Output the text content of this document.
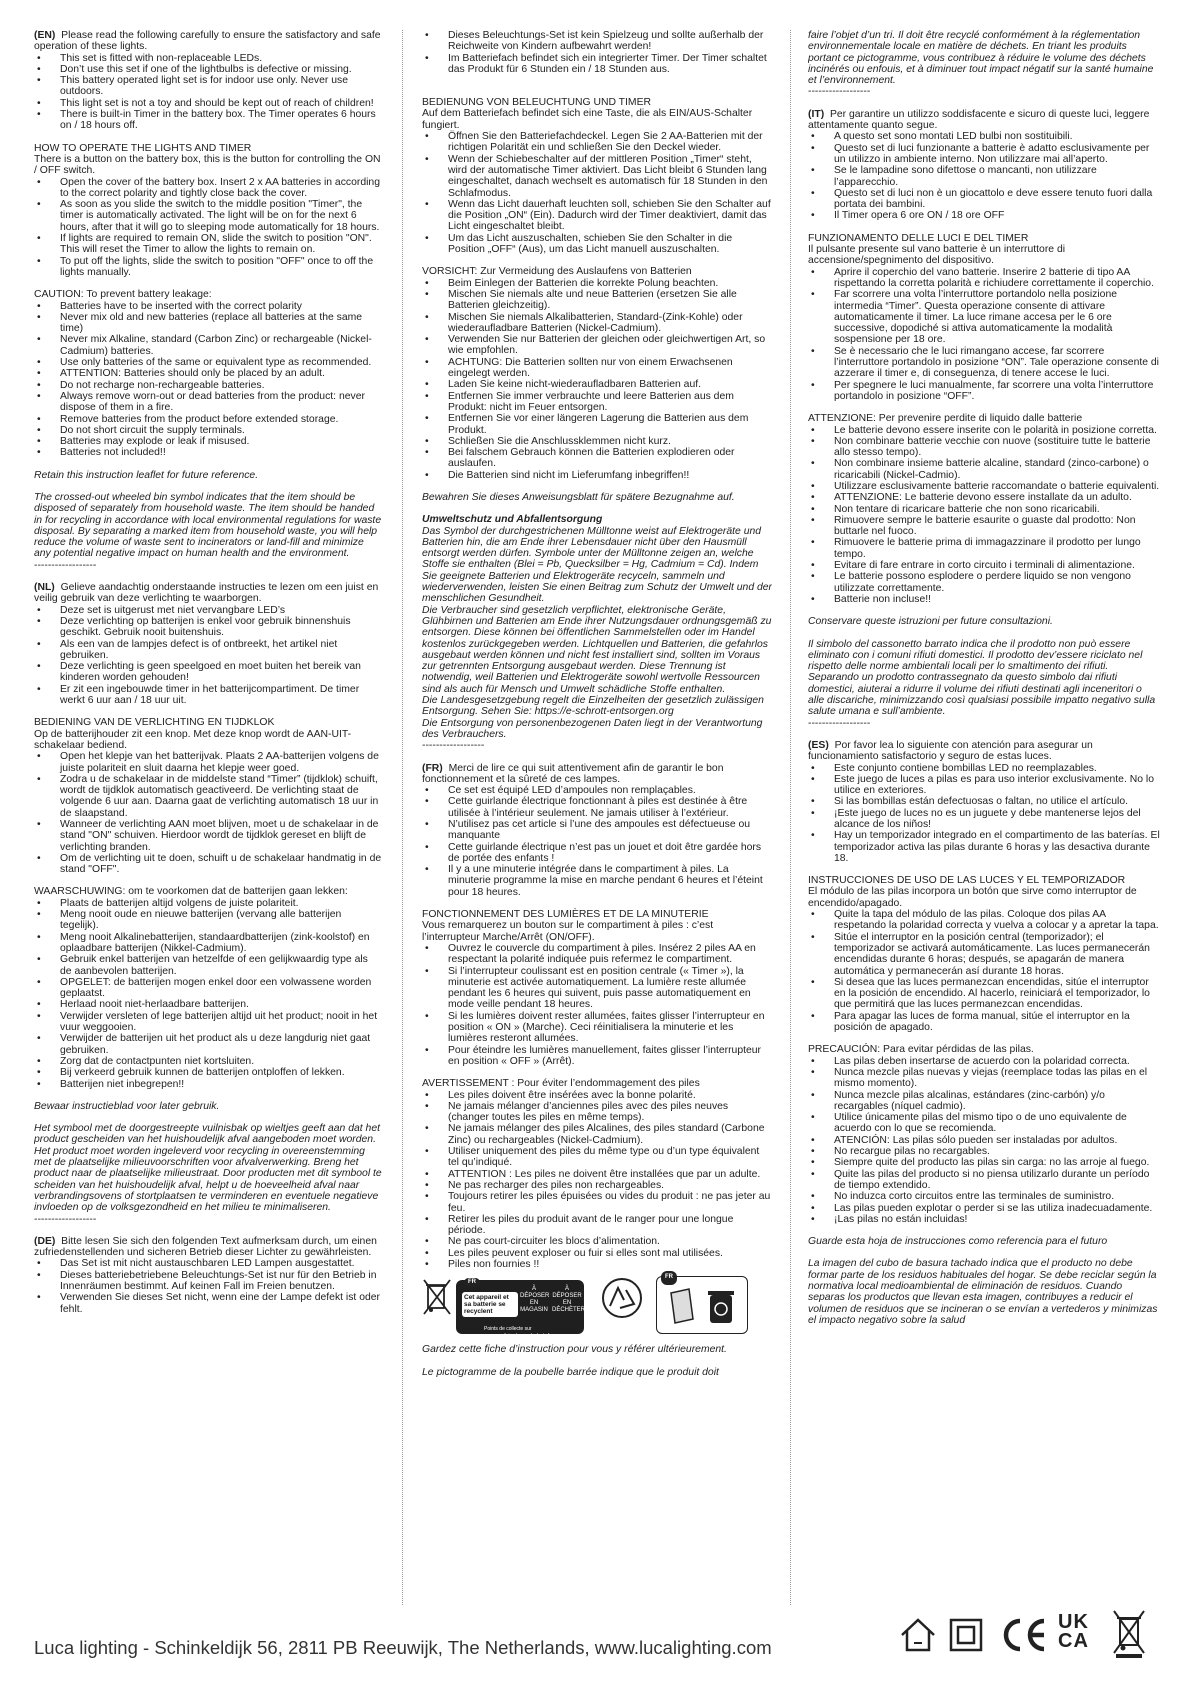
(EN) Please read the following carefully to ensure the satisfactory and safe operation of these lights.

• This set is fitted with non-replaceable LEDs.
• Don’t use this set if one of the lightbulbs is defective or missing.
• This battery operated light set is for indoor use only. Never use outdoors.
• This light set is not a toy and should be kept out of reach of children!
• There is built-in Timer in the battery box. The Timer operates 6 hours on / 18 hours off.

HOW TO OPERATE THE LIGHTS AND TIMER

There is a button on the battery box, this is the button for controlling the ON / OFF switch.

• Open the cover of the battery box. Insert 2 x AA batteries in according to the correct polarity and tightly close back the cover.
• As soon as you slide the switch to the middle position "Timer", the timer is automatically activated. The light will be on for the next 6 hours, after that it will go to sleeping mode automatically for 18 hours.
• If lights are required to remain ON, slide the switch to position "ON". This will reset the Timer to allow the lights to remain on.
• To put off the lights, slide the switch to position "OFF" once to off the lights manually.

CAUTION: To prevent battery leakage:

• Batteries have to be inserted with the correct polarity
• Never mix old and new batteries (replace all batteries at the same time)
• Never mix Alkaline, standard (Carbon Zinc) or rechargeable (Nickel-Cadmium) batteries.
• Use only batteries of the same or equivalent type as recommended.
• ATTENTION: Batteries should only be placed by an adult.
• Do not recharge non-rechargeable batteries.
• Always remove worn-out or dead batteries from the product: never dispose of them in a fire.
• Remove batteries from the product before extended storage.
• Do not short circuit the supply terminals.
• Batteries may explode or leak if misused.
• Batteries not included!!

Retain this instruction leaflet for future reference.

The crossed-out wheeled bin symbol indicates that the item should be disposed of separately from household waste. The item should be handed in for recycling in accordance with local environmental regulations for waste disposal. By separating a marked item from household waste, you will help reduce the volume of waste sent to incinerators or land-fill and minimize any potential negative impact on human health and the environment.

------------------

(NL) Gelieve aandachtig onderstaande instructies te lezen om een juist en veilig gebruik van deze verlichting te waarborgen.

• Deze set is uitgerust met niet vervangbare LED’s
• Deze verlichting op batterijen is enkel voor gebruik binnenshuis geschikt. Gebruik nooit buitenshuis.
• Als een van de lampjes defect is of ontbreekt, het artikel niet gebruiken.
• Deze verlichting is geen speelgoed en moet buiten het bereik van kinderen worden gehouden!
• Er zit een ingebouwde timer in het batterijcompartiment. De timer werkt 6 uur aan / 18 uur uit.

BEDIENING VAN DE VERLICHTING EN TIJDKLOK

Op de batterijhouder zit een knop. Met deze knop wordt de AAN-UIT-schakelaar bediend.

• Open het klepje van het batterijvak. Plaats 2 AA-batterijen volgens de juiste polariteit en sluit daarna het klepje weer goed.
• Zodra u de schakelaar in de middelste stand “Timer” (tijdklok) schuift, wordt de tijdklok automatisch geactiveerd. De verlichting staat de volgende 6 uur aan. Daarna gaat de verlichting automatisch 18 uur in de slaapstand.
• Wanneer de verlichting AAN moet blijven, moet u de schakelaar in de stand "ON" schuiven. Hierdoor wordt de tijdklok gereset en blijft de verlichting branden.
• Om de verlichting uit te doen, schuift u de schakelaar handmatig in de stand "OFF".

WAARSCHUWING: om te voorkomen dat de batterijen gaan lekken:

• Plaats de batterijen altijd volgens de juiste polariteit.
• Meng nooit oude en nieuwe batterijen (vervang alle batterijen tegelijk).
• Meng nooit Alkalinebatterijen, standaardbatterijen (zink-koolstof) en oplaadbare batterijen (Nikkel-Cadmium).
• Gebruik enkel batterijen van hetzelfde of een gelijkwaardig type als de aanbevolen batterijen.
• OPGELET: de batterijen mogen enkel door een volwassene worden geplaatst.
• Herlaad nooit niet-herlaadbare batterijen.
• Verwijder versleten of lege batterijen altijd uit het product; nooit in het vuur weggooien.
• Verwijder de batterijen uit het product als u deze langdurig niet gaat gebruiken.
• Zorg dat de contactpunten niet kortsluiten.
• Bij verkeerd gebruik kunnen de batterijen ontploffen of lekken.
• Batterijen niet inbegrepen!!

Bewaar instructieblad voor later gebruik.

Het symbool met de doorgestreepte vuilnisbak op wieltjes geeft aan dat het product gescheiden van het huishoudelijk afval aangeboden moet worden. Het product moet worden ingeleverd voor recycling in overeenstemming met de plaatselijke milieuvoorschriften voor afvalverwerking. Breng het product naar de plaatselijke milieustraat. Door producten met dit symbool te scheiden van het huishoudelijk afval, helpt u de hoeveelheid afval naar verbrandingsovens of stortplaatsen te verminderen en eventuele negatieve invloeden op de volksgezondheid en het milieu te minimaliseren.

------------------

(DE) Bitte lesen Sie sich den folgenden Text aufmerksam durch, um einen zufriedenstellenden und sicheren Betrieb dieser Lichter zu gewährleisten.

• Das Set ist mit nicht austauschbaren LED Lampen ausgestattet.
• Dieses batteriebetriebene Beleuchtungs-Set ist nur für den Betrieb in Innenräumen bestimmt. Auf keinen Fall im Freien benutzen.
• Verwenden Sie dieses Set nicht, wenn eine der Lampe defekt ist oder fehlt.
• Dieses Beleuchtungs-Set ist kein Spielzeug und sollte außerhalb der Reichweite von Kindern aufbewahrt werden!
• Im Batteriefach befindet sich ein integrierter Timer. Der Timer schaltet das Produkt für 6 Stunden ein / 18 Stunden aus.

BEDIENUNG VON BELEUCHTUNG UND TIMER

Auf dem Batteriefach befindet sich eine Taste, die als EIN/AUS-Schalter fungiert.

• Öffnen Sie den Batteriefachdeckel. Legen Sie 2 AA-Batterien mit der richtigen Polarität ein und schließen Sie den Deckel wieder.
• Wenn der Schiebeschalter auf der mittleren Position „Timer“ steht, wird der automatische Timer aktiviert. Das Licht bleibt 6 Stunden lang eingeschaltet, danach wechselt es automatisch für 18 Stunden in den Schlafmodus.
• Wenn das Licht dauerhaft leuchten soll, schieben Sie den Schalter auf die Position „ON“ (Ein). Dadurch wird der Timer deaktiviert, damit das Licht eingeschaltet bleibt.
• Um das Licht auszuschalten, schieben Sie den Schalter in die Position „OFF“ (Aus), um das Licht manuell auszuschalten.

VORSICHT: Zur Vermeidung des Auslaufens von Batterien

• Beim Einlegen der Batterien die korrekte Polung beachten.
• Mischen Sie niemals alte und neue Batterien (ersetzen Sie alle Batterien gleichzeitig).
• Mischen Sie niemals Alkalibatterien, Standard-(Zink-Kohle) oder wiederaufladbare Batterien (Nickel-Cadmium).
• Verwenden Sie nur Batterien der gleichen oder gleichwertigen Art, so wie empfohlen.
• ACHTUNG: Die Batterien sollten nur von einem Erwachsenen eingelegt werden.
• Laden Sie keine nicht-wiederaufladbaren Batterien auf.
• Entfernen Sie immer verbrauchte und leere Batterien aus dem Produkt: nicht im Feuer entsorgen.
• Entfernen Sie vor einer längeren Lagerung die Batterien aus dem Produkt.
• Schließen Sie die Anschlussklemmen nicht kurz.
• Bei falschem Gebrauch können die Batterien explodieren oder auslaufen.
• Die Batterien sind nicht im Lieferumfang inbegriffen!!

Bewahren Sie dieses Anweisungsblatt für spätere Bezugnahme auf.

Umweltschutz und Abfallentsorgung

Das Symbol der durchgestrichenen Mülltonne weist auf Elektrogeräte und Batterien hin, die am Ende ihrer Lebensdauer nicht über den Hausmüll entsorgt werden dürfen. Symbole unter der Mülltonne zeigen an, welche Stoffe sie enthalten (Blei = Pb, Quecksilber = Hg, Cadmium = Cd). Indem Sie geeignete Batterien und Elektrogeräte recyceln, sammeln und wiederverwenden, leisten Sie einen Beitrag zum Schutz der Umwelt und der menschlichen Gesundheit.

Die Verbraucher sind gesetzlich verpflichtet, elektronische Geräte, Glühbirnen und Batterien am Ende ihrer Nutzungsdauer ordnungsgemäß zu entsorgen. Diese können bei öffentlichen Sammelstellen oder im Handel kostenlos zurückgegeben werden. Lichtquellen und Batterien, die gefahrlos ausgebaut werden können und nicht fest installiert sind, sollten im Voraus zur getrennten Entsorgung ausgebaut werden. Diese Trennung ist notwendig, weil Batterien und Elektrogeräte sowohl wertvolle Ressourcen sind als auch für Mensch und Umwelt schädliche Stoffe enthalten.

Die Landesgesetzgebung regelt die Einzelheiten der gesetzlich zulässigen Entsorgung. Sehen Sie: https://e-schrott-entsorgen.org

Die Entsorgung von personenbezogenen Daten liegt in der Verantwortung des Verbrauchers.

------------------

(FR) Merci de lire ce qui suit attentivement afin de garantir le bon fonctionnement et la sûreté de ces lampes.

• Ce set est équipé LED d’ampoules non remplaçables.
• Cette guirlande électrique fonctionnant à piles est destinée à être utilisée à l’intérieur seulement. Ne jamais utiliser à l’extérieur.
• N’utilisez pas cet article si l’une des ampoules est défectueuse ou manquante
• Cette guirlande électrique n’est pas un jouet et doit être gardée hors de portée des enfants !
• Il y a une minuterie intégrée dans le compartiment à piles. La minuterie programme la mise en marche pendant 6 heures et l’éteint pour 18 heures.

FONCTIONNEMENT DES LUMIÈRES ET DE LA MINUTERIE

Vous remarquerez un bouton sur le compartiment à piles : c’est l’interrupteur Marche/Arrêt (ON/OFF).

• Ouvrez le couvercle du compartiment à piles. Insérez 2 piles AA en respectant la polarité indiquée puis refermez le compartiment.
• Si l’interrupteur coulissant est en position centrale (« Timer »), la minuterie est activée automatiquement. La lumière reste allumée pendant les 6 heures qui suivent, puis passe automatiquement en mode veille pendant 18 heures.
• Si les lumières doivent rester allumées, faites glisser l’interrupteur en position « ON » (Marche). Ceci réinitialisera la minuterie et les lumières resteront allumées.
• Pour éteindre les lumières manuellement, faites glisser l’interrupteur en position « OFF » (Arrêt).

AVERTISSEMENT : Pour éviter l’endommagement des piles

• Les piles doivent être insérées avec la bonne polarité.
• Ne jamais mélanger d’anciennes piles avec des piles neuves (changer toutes les piles en même temps).
• Ne jamais mélanger des piles Alcalines, des piles standard (Carbone Zinc) ou rechargeables (Nickel-Cadmium).
• Utiliser uniquement des piles du même type ou d’un type équivalent tel qu’indiqué.
• ATTENTION : Les piles ne doivent être installées que par un adulte.
• Ne pas recharger des piles non rechargeables.
• Toujours retirer les piles épuisées ou vides du produit : ne pas jeter au feu.
• Retirer les piles du produit avant de le ranger pour une longue période.
• Ne pas court-circuiter les blocs d’alimentation.
• Les piles peuvent exploser ou fuir si elles sont mal utilisées.
• Piles non fournies !!
FR
Cet appareil et sa batterie se recyclent
À DÉPOSER EN MAGASIN
À DÉPOSER EN DÉCHÈTERIE
Points de collecte sur www.quefairedemesdechets.fr
FR

Gardez cette fiche d’instruction pour vous y référer ultérieurement.

Le pictogramme de la poubelle barrée indique que le produit doit

faire l’objet d’un tri. Il doit être recyclé conformément à la réglementation environnementale locale en matière de déchets. En triant les produits portant ce pictogramme, vous contribuez à réduire le volume des déchets incinérés ou enfouis, et à diminuer tout impact négatif sur la santé humaine et l’environnement.

------------------

(IT) Per garantire un utilizzo soddisfacente e sicuro di queste luci, leggere attentamente quanto segue.

• A questo set sono montati LED bulbi non sostituibili.
• Questo set di luci funzionante a batterie è adatto esclusivamente per un utilizzo in ambiente interno. Non utilizzare mai all’aperto.
• Se le lampadine sono difettose o mancanti, non utilizzare l’apparecchio.
• Questo set di luci non è un giocattolo e deve essere tenuto fuori dalla portata dei bambini.
• Il Timer opera 6 ore ON / 18 ore OFF

FUNZIONAMENTO DELLE LUCI E DEL TIMER

Il pulsante presente sul vano batterie è un interruttore di accensione/spegnimento del dispositivo.

• Aprire il coperchio del vano batterie. Inserire 2 batterie di tipo AA rispettando la corretta polarità e richiudere correttamente il coperchio.
• Far scorrere una volta l’interruttore portandolo nella posizione intermedia “Timer”. Questa operazione consente di attivare automaticamente il timer. La luce rimane accesa per le 6 ore successive, dopodiché si attiva automaticamente la modalità sospensione per 18 ore.
• Se è necessario che le luci rimangano accese, far scorrere l’interruttore portandolo in posizione “ON”. Tale operazione consente di azzerare il timer e, di conseguenza, di tenere accese le luci.
• Per spegnere le luci manualmente, far scorrere una volta l’interruttore portandolo in posizione “OFF”.

ATTENZIONE: Per prevenire perdite di liquido dalle batterie

• Le batterie devono essere inserite con le polarità in posizione corretta.
• Non combinare batterie vecchie con nuove (sostituire tutte le batterie allo stesso tempo).
• Non combinare insieme batterie alcaline, standard (zinco-carbone) o ricaricabili (Nickel-Cadmio).
• Utilizzare esclusivamente batterie raccomandate o batterie equivalenti.
• ATTENZIONE: Le batterie devono essere installate da un adulto.
• Non tentare di ricaricare batterie che non sono ricaricabili.
• Rimuovere sempre le batterie esaurite o guaste dal prodotto: Non buttarle nel fuoco.
• Rimuovere le batterie prima di immagazzinare il prodotto per lungo tempo.
• Evitare di fare entrare in corto circuito i terminali di alimentazione.
• Le batterie possono esplodere o perdere liquido se non vengono utilizzate correttamente.
• Batterie non incluse!!

Conservare queste istruzioni per future consultazioni.

Il simbolo del cassonetto barrato indica che il prodotto non può essere eliminato con i comuni rifiuti domestici. Il prodotto dev’essere riciclato nel rispetto delle norme ambientali locali per lo smaltimento dei rifiuti. Separando un prodotto contrassegnato da questo simbolo dai rifiuti domestici, aiuterai a ridurre il volume dei rifiuti destinati agli inceneritori o alle discariche, minimizzando così qualsiasi possibile impatto negativo sulla salute umana e sull’ambiente.

------------------

(ES) Por favor lea lo siguiente con atención para asegurar un funcionamiento satisfactorio y seguro de estas luces.

• Este conjunto contiene bombillas LED no reemplazables.
• Este juego de luces a pilas es para uso interior exclusivamente. No lo utilice en exteriores.
• Si las bombillas están defectuosas o faltan, no utilice el artículo.
• ¡Este juego de luces no es un juguete y debe mantenerse lejos del alcance de los niños!
• Hay un temporizador integrado en el compartimento de las baterías. El temporizador activa las pilas durante 6 horas y las desactiva durante 18.

INSTRUCCIONES DE USO DE LAS LUCES Y EL TEMPORIZADOR

El módulo de las pilas incorpora un botón que sirve como interruptor de encendido/apagado.

• Quite la tapa del módulo de las pilas. Coloque dos pilas AA respetando la polaridad correcta y vuelva a colocar y a apretar la tapa.
• Sitúe el interruptor en la posición central (temporizador); el temporizador se activará automáticamente. Las luces permanecerán encendidas durante 6 horas; después, se apagarán de manera automática y permanecerán así durante 18 horas.
• Si desea que las luces permanezcan encendidas, sitúe el interruptor en la posición de encendido. Al hacerlo, reiniciará el temporizador, lo que permitirá que las luces permanezcan encendidas.
• Para apagar las luces de forma manual, sitúe el interruptor en la posición de apagado.

PRECAUCIÓN: Para evitar pérdidas de las pilas.

• Las pilas deben insertarse de acuerdo con la polaridad correcta.
• Nunca mezcle pilas nuevas y viejas (reemplace todas las pilas en el mismo momento).
• Nunca mezcle pilas alcalinas, estándares (zinc-carbón) y/o recargables (níquel cadmio).
• Utilice únicamente pilas del mismo tipo o de uno equivalente de acuerdo con lo que se recomienda.
• ATENCIÓN: Las pilas sólo pueden ser instaladas por adultos.
• No recargue pilas no recargables.
• Siempre quite del producto las pilas sin carga: no las arroje al fuego.
• Quite las pilas del producto si no piensa utilizarlo durante un período de tiempo extendido.
• No induzca corto circuitos entre las terminales de suministro.
• Las pilas pueden explotar o perder si se las utiliza inadecuadamente.
• ¡Las pilas no están incluidas!

Guarde esta hoja de instrucciones como referencia para el futuro

La imagen del cubo de basura tachado indica que el producto no debe formar parte de los residuos habituales del hogar. Se debe reciclar según la normativa local medioambiental de eliminación de residuos. Cuando separas los productos que llevan esta imagen, contribuyes a reducir el volumen de residuos que se incineran o se envían a vertederos y minimizas el impacto negativo sobre la salud

Luca lighting - Schinkeldijk 56, 2811 PB Reeuwijk, The Netherlands, www.lucalighting.com
UK CA
